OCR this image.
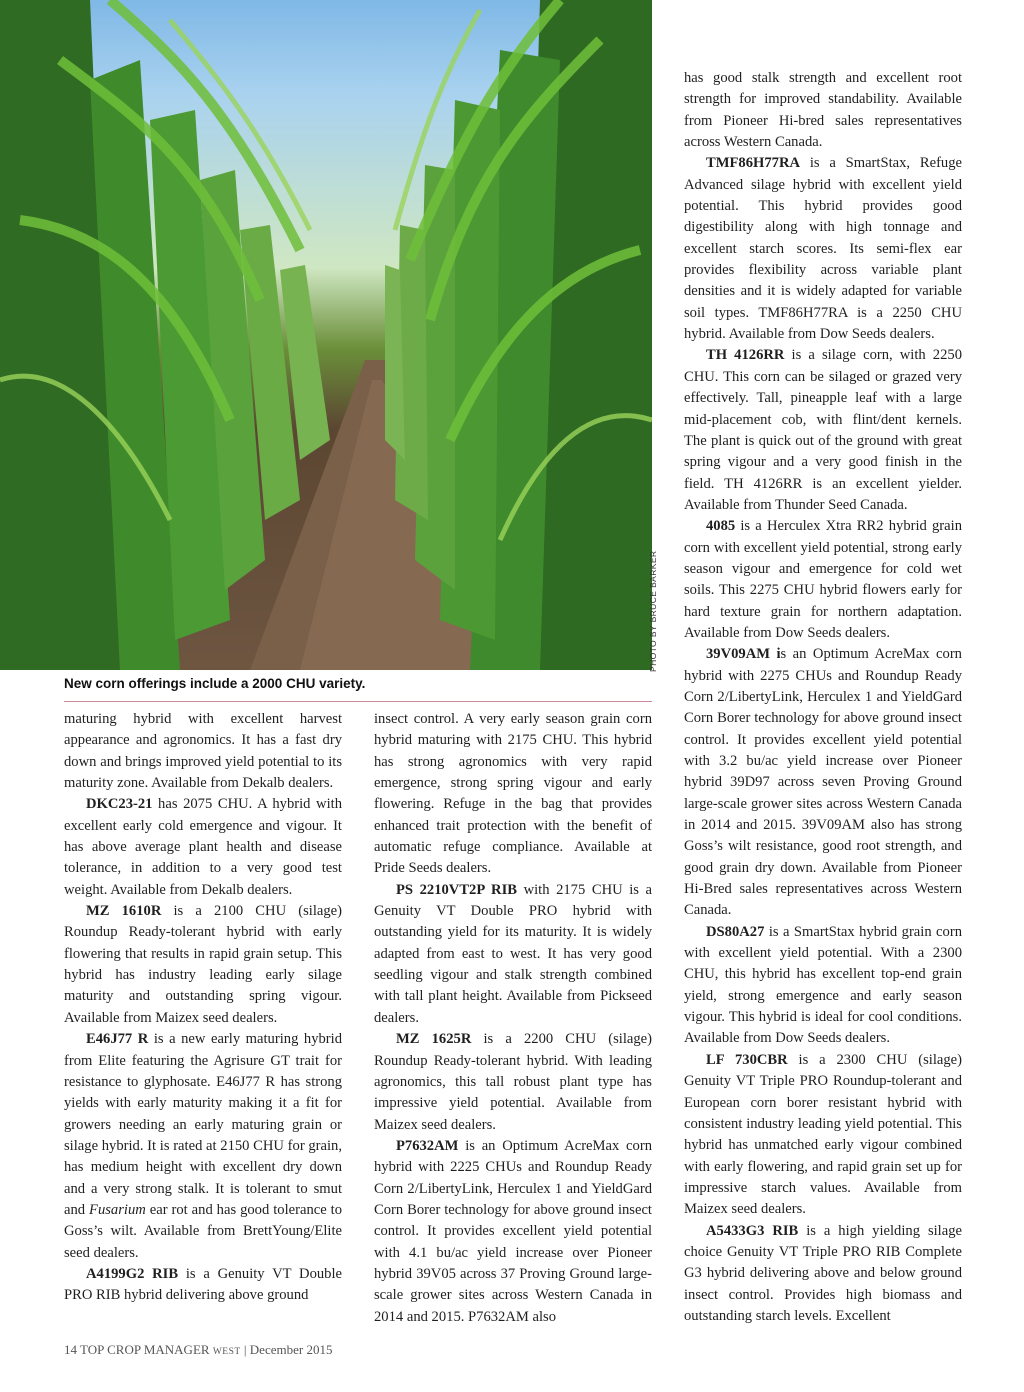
PHOTO BY BRUCE BARKER
New corn offerings include a 2000 CHU variety.

maturing hybrid with excellent harvest appearance and agronomics. It has a fast dry down and brings improved yield potential to its maturity zone. Available from Dekalb dealers.

DKC23-21 has 2075 CHU. A hybrid with excellent early cold emergence and vigour. It has above average plant health and disease tolerance, in addition to a very good test weight. Available from Dekalb dealers.

MZ 1610R is a 2100 CHU (silage) Roundup Ready-tolerant hybrid with early flowering that results in rapid grain setup. This hybrid has industry leading early silage maturity and outstanding spring vigour. Available from Maizex seed dealers.

E46J77 R is a new early maturing hybrid from Elite featuring the Agrisure GT trait for resistance to glyphosate. E46J77 R has strong yields with early maturity making it a fit for growers needing an early maturing grain or silage hybrid. It is rated at 2150 CHU for grain, has medium height with excellent dry down and a very strong stalk. It is tolerant to smut and Fusarium ear rot and has good tolerance to Goss’s wilt. Available from BrettYoung/Elite seed dealers.

A4199G2 RIB is a Genuity VT Double PRO RIB hybrid delivering above ground

insect control. A very early season grain corn hybrid maturing with 2175 CHU. This hybrid has strong agronomics with very rapid emergence, strong spring vigour and early flowering. Refuge in the bag that provides enhanced trait protection with the benefit of automatic refuge compliance. Available at Pride Seeds dealers.

PS 2210VT2P RIB with 2175 CHU is a Genuity VT Double PRO hybrid with outstanding yield for its maturity. It is widely adapted from east to west. It has very good seedling vigour and stalk strength combined with tall plant height. Available from Pickseed dealers.

MZ 1625R is a 2200 CHU (silage) Roundup Ready-tolerant hybrid. With leading agronomics, this tall robust plant type has impressive yield potential. Available from Maizex seed dealers.

P7632AM is an Optimum AcreMax corn hybrid with 2225 CHUs and Roundup Ready Corn 2/LibertyLink, Herculex 1 and YieldGard Corn Borer technology for above ground insect control. It provides excellent yield potential with 4.1 bu/ac yield increase over Pioneer hybrid 39V05 across 37 Proving Ground large-scale grower sites across Western Canada in 2014 and 2015. P7632AM also

has good stalk strength and excellent root strength for improved standability. Available from Pioneer Hi-bred sales representatives across Western Canada.

TMF86H77RA is a SmartStax, Refuge Advanced silage hybrid with excellent yield potential. This hybrid provides good digestibility along with high tonnage and excellent starch scores. Its semi-flex ear provides flexibility across variable plant densities and it is widely adapted for variable soil types. TMF86H77RA is a 2250 CHU hybrid. Available from Dow Seeds dealers.

TH 4126RR is a silage corn, with 2250 CHU. This corn can be silaged or grazed very effectively. Tall, pineapple leaf with a large mid-placement cob, with flint/dent kernels. The plant is quick out of the ground with great spring vigour and a very good finish in the field. TH 4126RR is an excellent yielder. Available from Thunder Seed Canada.

4085 is a Herculex Xtra RR2 hybrid grain corn with excellent yield potential, strong early season vigour and emergence for cold wet soils. This 2275 CHU hybrid flowers early for hard texture grain for northern adaptation. Available from Dow Seeds dealers.

39V09AM is an Optimum AcreMax corn hybrid with 2275 CHUs and Roundup Ready Corn 2/LibertyLink, Herculex 1 and YieldGard Corn Borer technology for above ground insect control. It provides excellent yield potential with 3.2 bu/ac yield increase over Pioneer hybrid 39D97 across seven Proving Ground large-scale grower sites across Western Canada in 2014 and 2015. 39V09AM also has strong Goss’s wilt resistance, good root strength, and good grain dry down. Available from Pioneer Hi-Bred sales representatives across Western Canada.

DS80A27 is a SmartStax hybrid grain corn with excellent yield potential. With a 2300 CHU, this hybrid has excellent top-end grain yield, strong emergence and early season vigour. This hybrid is ideal for cool conditions. Available from Dow Seeds dealers.

LF 730CBR is a 2300 CHU (silage) Genuity VT Triple PRO Roundup-tolerant and European corn borer resistant hybrid with consistent industry leading yield potential. This hybrid has unmatched early vigour combined with early flowering, and rapid grain set up for impressive starch values. Available from Maizex seed dealers.

A5433G3 RIB is a high yielding silage choice Genuity VT Triple PRO RIB Complete G3 hybrid delivering above and below ground insect control. Provides high biomass and outstanding starch levels. Excellent

14 TOP CROP MANAGER WEST | December 2015
